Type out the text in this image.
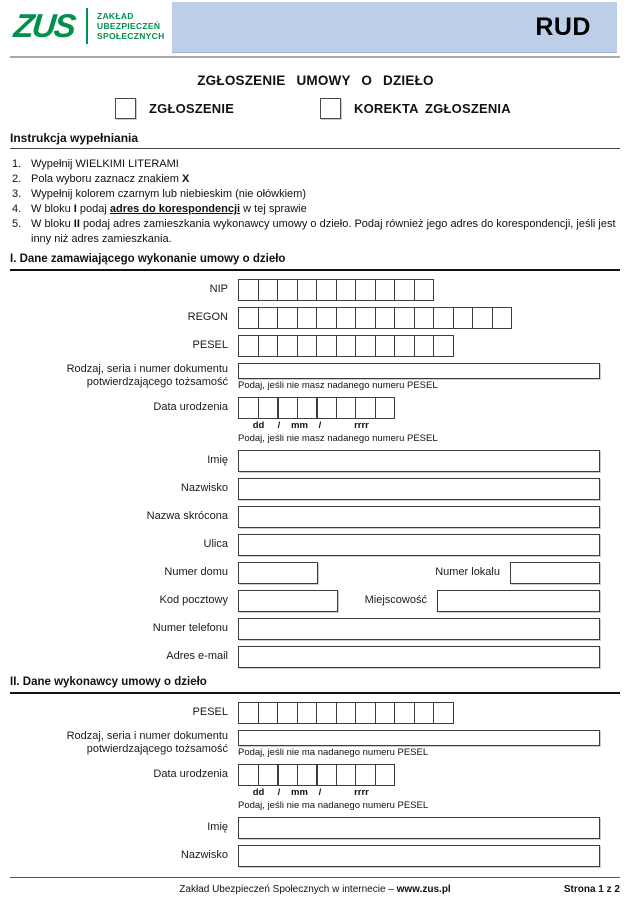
ZUS ZAKŁAD
UBEZPIECZEŃ
SPOŁECZNYCH	RUD
ZGŁOSZENIE UMOWY O DZIEŁO
ZGŁOSZENIE	KOREKTA ZGŁOSZENIA
Instrukcja wypełniania
1. Wypełnij WIELKIMI LITERAMI
2. Pola wyboru zaznacz znakiem X
3. Wypełnij kolorem czarnym lub niebieskim (nie ołówkiem)
4. W bloku I podaj adres do korespondencji w tej sprawie
5. W bloku II podaj adres zamieszkania wykonawcy umowy o dzieło. Podaj również jego adres do korespondencji, jeśli jest inny niż adres zamieszkania.
I. Dane zamawiającego wykonanie umowy o dzieło
NIP
REGON
PESEL
Rodzaj, seria i numer dokumentu
potwierdzającego tożsamość Podaj, jeśli nie masz nadanego numeru PESEL
Data urodzenia
dd	/	mm	/	rrrr
Podaj, jeśli nie masz nadanego numeru PESEL
Imię
Nazwisko
Nazwa skrócona
Ulica
Numer domu	Numer lokalu
Kod pocztowy	Miejscowość
Numer telefonu
Adres e-mail
II. Dane wykonawcy umowy o dzieło
PESEL
Rodzaj, seria i numer dokumentu
potwierdzającego tożsamość Podaj, jeśli nie ma nadanego numeru PESEL
Data urodzenia
dd	/	mm	/	rrrr
Podaj, jeśli nie ma nadanego numeru PESEL
Imię
Nazwisko
Zakład Ubezpieczeń Społecznych w internecie – www.zus.pl	Strona 1 z 2
